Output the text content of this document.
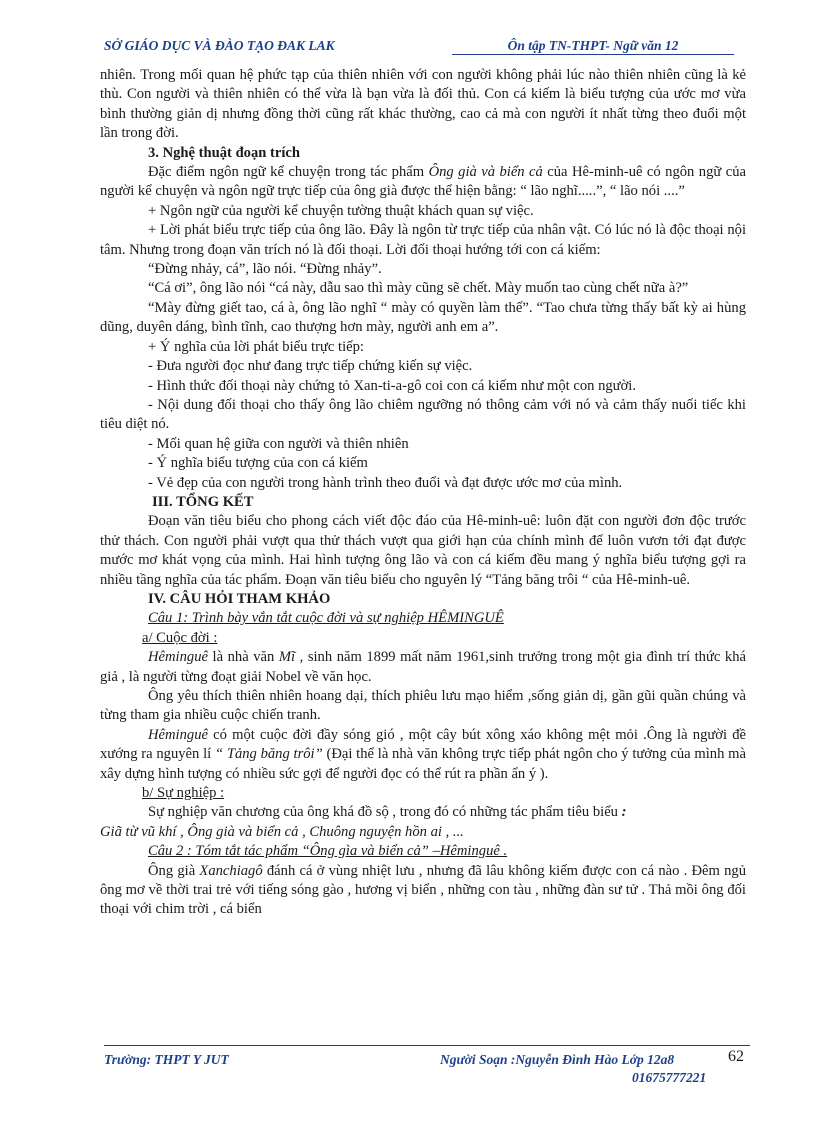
SỞ GIÁO DỤC VÀ ĐÀO TẠO ĐAK LAK	Ôn tập TN-THPT- Ngữ văn 12

nhiên. Trong mối quan hệ phức tạp của thiên nhiên với con người không phải lúc nào thiên nhiên cũng là kẻ thù. Con người và thiên nhiên có thể vừa là bạn vừa là đối thủ. Con cá kiếm là biểu tượng của ước mơ vừa bình thường giản dị nhưng đồng thời cũng rất khác thường, cao cả mà con người ít nhất từng theo đuổi một lần trong đời.

3. Nghệ thuật đoạn trích

Đặc điểm ngôn ngữ kể chuyện trong tác phẩm Ông già và biển cả của Hê-minh-uê có ngôn ngữ của người kể chuyện và ngôn ngữ trực tiếp của ông già được thể hiện bằng: “ lão nghĩ.....”, “ lão nói ....”

+ Ngôn ngữ của người kể chuyện tường thuật khách quan sự việc.

+ Lời phát biểu trực tiếp của ông lão. Đây là ngôn từ trực tiếp của nhân vật. Có lúc nó là độc thoại nội tâm. Nhưng trong đoạn văn trích nó là đối thoại. Lời đối thoại hướng tới con cá kiếm:

“Đừng nhảy, cá”, lão nói. “Đừng nhảy”.

“Cá ơi”, ông lão nói “cá này, dẫu sao thì mày cũng sẽ chết. Mày muốn tao cùng chết nữa à?”

“Mày đừng giết tao, cá à, ông lão nghĩ “ mày có quyền làm thế”. “Tao chưa từng thấy bất kỳ ai hùng dũng, duyên dáng, bình tĩnh, cao thượng hơn mày, người anh em a”.

+ Ý nghĩa của lời phát biểu trực tiếp:

- Đưa người đọc như đang trực tiếp chứng kiến sự việc.

- Hình thức đối thoại này chứng tỏ Xan-ti-a-gô coi con cá kiếm như một con người.

- Nội dung đối thoại cho thấy ông lão chiêm ngưỡng nó thông cảm với nó và cảm thấy nuối tiếc khi tiêu diệt nó.

- Mối quan hệ giữa con người và thiên nhiên

- Ý nghĩa biểu tượng của con cá kiếm

- Vẻ đẹp của con người trong hành trình theo đuổi và đạt được ước mơ của mình.

III. TỔNG KẾT

Đoạn văn tiêu biểu cho phong cách viết độc đáo của Hê-minh-uê: luôn đặt con người đơn độc trước thử thách. Con người phải vượt qua thử thách vượt qua giới hạn của chính mình để luôn vươn tới đạt được mước mơ khát vọng của mình. Hai hình tượng ông lão và con cá kiếm đều mang ý nghĩa biểu tượng gợi ra nhiều tầng nghĩa của tác phẩm. Đoạn văn tiêu biểu cho nguyên lý “Tảng băng trôi “ của Hê-minh-uê.

IV. CÂU HỎI THAM KHẢO

Câu 1: Trình bày vắn tắt cuộc đời và sự nghiệp HÊMINGUÊ

a/ Cuộc đời :

Hêminguê là nhà văn Mĩ , sinh năm 1899 mất năm 1961,sinh trưởng trong một gia đình trí thức khá giả , là người từng đoạt giải Nobel về văn học.

Ông yêu thích thiên nhiên hoang dại, thích phiêu lưu mạo hiểm ,sống giản dị, gần gũi quần chúng và từng tham gia nhiều cuộc chiến tranh.

Hêminguê có một cuộc đời đầy sóng gió , một cây bút xông xáo không mệt mỏi .Ông là người đề xướng ra nguyên lí “ Tảng băng trôi” (Đại thể là nhà văn không trực tiếp phát ngôn cho ý tưởng của mình mà xây dựng hình tượng có nhiều sức gợi để người đọc có thể rút ra phần ẩn ý ).

b/ Sự nghiệp :

Sự nghiệp văn chương của ông khá đồ sộ , trong đó có những tác phẩm tiêu biểu :

Giã từ vũ khí , Ông già và biển cả , Chuông nguyện hồn ai , ...

Câu 2 : Tóm tắt tác phẩm “Ông gìa và biển cả” –Hêminguê .

Ông già Xanchiagô đánh cá ở vùng nhiệt lưu , nhưng đã lâu không kiếm được con cá nào . Đêm ngủ ông mơ về thời trai trẻ với tiếng sóng gào , hương vị biển , những con tàu , những đàn sư tử . Thả mồi ông đối thoại với chim trời , cá biển

Trường: THPT Y JUT	Người Soạn :Nguyễn Đình Hào Lớp 12a8
01675777221
62
